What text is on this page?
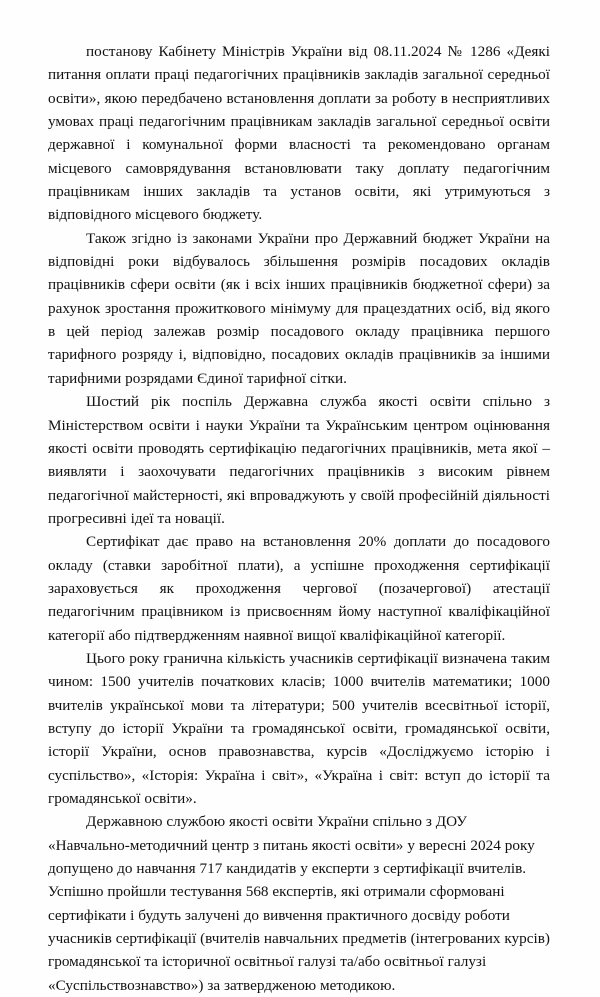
постанову Кабінету Міністрів України від 08.11.2024 № 1286 «Деякі питання оплати праці педагогічних працівників закладів загальної середньої освіти», якою передбачено встановлення доплати за роботу в несприятливих умовах праці педагогічним працівникам закладів загальної середньої освіти державної і комунальної форми власності та рекомендовано органам місцевого самоврядування встановлювати таку доплату педагогічним працівникам інших закладів та установ освіти, які утримуються з відповідного місцевого бюджету.

Також згідно із законами України про Державний бюджет України на відповідні роки відбувалось збільшення розмірів посадових окладів працівників сфери освіти (як і всіх інших працівників бюджетної сфери) за рахунок зростання прожиткового мінімуму для працездатних осіб, від якого в цей період залежав розмір посадового окладу працівника першого тарифного розряду і, відповідно, посадових окладів працівників за іншими тарифними розрядами Єдиної тарифної сітки.

Шостий рік поспіль Державна служба якості освіти спільно з Міністерством освіти і науки України та Українським центром оцінювання якості освіти проводять сертифікацію педагогічних працівників, мета якої – виявляти і заохочувати педагогічних працівників з високим рівнем педагогічної майстерності, які впроваджують у своїй професійній діяльності прогресивні ідеї та новації.

Сертифікат дає право на встановлення 20% доплати до посадового окладу (ставки заробітної плати), а успішне проходження сертифікації зараховується як проходження чергової (позачергової) атестації педагогічним працівником із присвоєнням йому наступної кваліфікаційної категорії або підтвердженням наявної вищої кваліфікаційної категорії.

Цього року гранична кількість учасників сертифікації визначена таким чином: 1500 учителів початкових класів; 1000 вчителів математики; 1000 вчителів української мови та літератури; 500 учителів всесвітньої історії, вступу до історії України та громадянської освіти, громадянської освіти, історії України, основ правознавства, курсів «Досліджуємо історію і суспільство», «Історія: Україна і світ», «Україна і світ: вступ до історії та громадянської освіти».

Державною службою якості освіти України спільно з ДОУ «Навчально-методичний центр з питань якості освіти» у вересні 2024 року допущено до навчання 717 кандидатів у експерти з сертифікації вчителів. Успішно пройшли тестування 568 експертів, які отримали сформовані сертифікати і будуть залучені до вивчення практичного досвіду роботи учасників сертифікації (вчителів навчальних предметів (інтегрованих курсів) громадянської та історичної освітньої галузі та/або освітньої галузі «Суспільствознавство») за затвердженою методикою.
